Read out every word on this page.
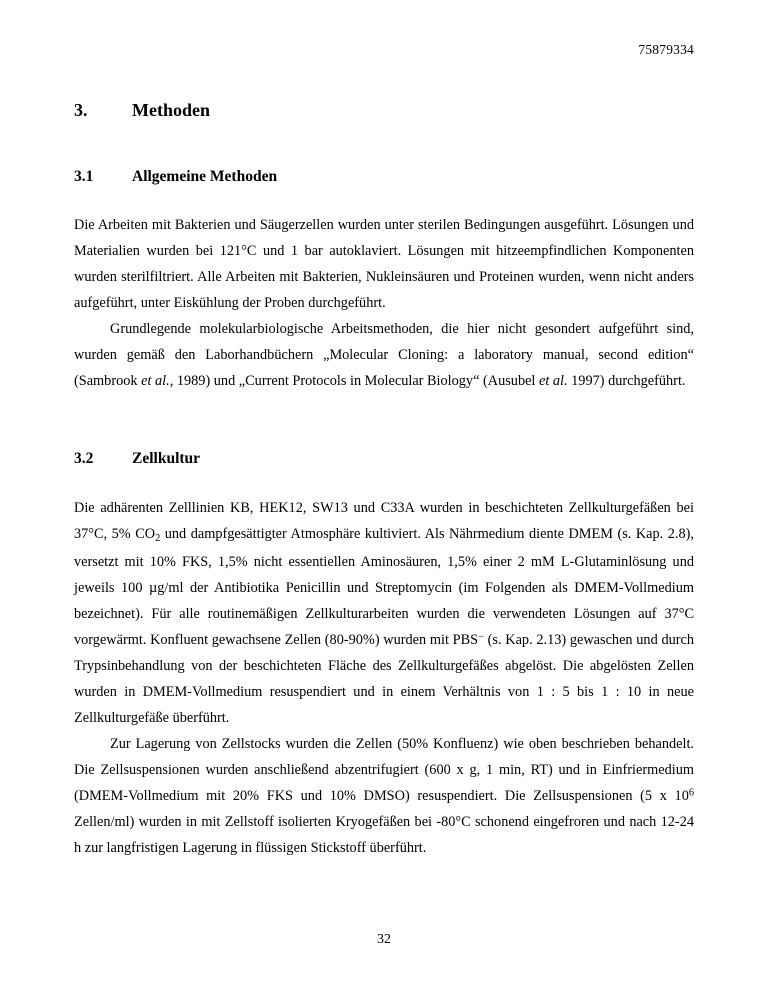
75879334
3. Methoden
3.1 Allgemeine Methoden

Die Arbeiten mit Bakterien und Säugerzellen wurden unter sterilen Bedingungen ausgeführt. Lösungen und Materialien wurden bei 121°C und 1 bar autoklaviert. Lösungen mit hitzeempfindlichen Komponenten wurden sterilfiltriert. Alle Arbeiten mit Bakterien, Nukleinsäuren und Proteinen wurden, wenn nicht anders aufgeführt, unter Eiskühlung der Proben durchgeführt.

Grundlegende molekularbiologische Arbeitsmethoden, die hier nicht gesondert aufgeführt sind, wurden gemäß den Laborhandbüchern „Molecular Cloning: a laboratory manual, second edition“ (Sambrook et al., 1989) und „Current Protocols in Molecular Biology“ (Ausubel et al. 1997) durchgeführt.

3.2 Zellkultur

Die adhärenten Zelllinien KB, HEK12, SW13 und C33A wurden in beschichteten Zellkulturgefäßen bei 37°C, 5% $CO_2$ und dampfgesättigter Atmosphäre kultiviert. Als Nährmedium diente DMEM (s. Kap. 2.8), versetzt mit 10% FKS, 1,5% nicht essentiellen Aminosäuren, 1,5% einer 2 mM L-Glutaminlösung und jeweils 100 µg/ml der Antibiotika Penicillin und Streptomycin (im Folgenden als DMEM-Vollmedium bezeichnet). Für alle routinemäßigen Zellkulturarbeiten wurden die verwendeten Lösungen auf 37°C vorgewärmt. Konfluent gewachsene Zellen (80-90%) wurden mit PBS− (s. Kap. 2.13) gewaschen und durch Trypsinbehandlung von der beschichteten Fläche des Zellkulturgefäßes abgelöst. Die abgelösten Zellen wurden in DMEM-Vollmedium resuspendiert und in einem Verhältnis von 1 : 5 bis 1 : 10 in neue Zellkulturgefäße überführt.

Zur Lagerung von Zellstocks wurden die Zellen (50% Konfluenz) wie oben beschrieben behandelt. Die Zellsuspensionen wurden anschließend abzentrifugiert (600 x g, 1 min, RT) und in Einfriermedium (DMEM-Vollmedium mit 20% FKS und 10% DMSO) resuspendiert. Die Zellsuspensionen (5 x $10^6$ Zellen/ml) wurden in mit Zellstoff isolierten Kryogefäßen bei -80°C schonend eingefroren und nach 12-24 h zur langfristigen Lagerung in flüssigen Stickstoff überführt.

32
